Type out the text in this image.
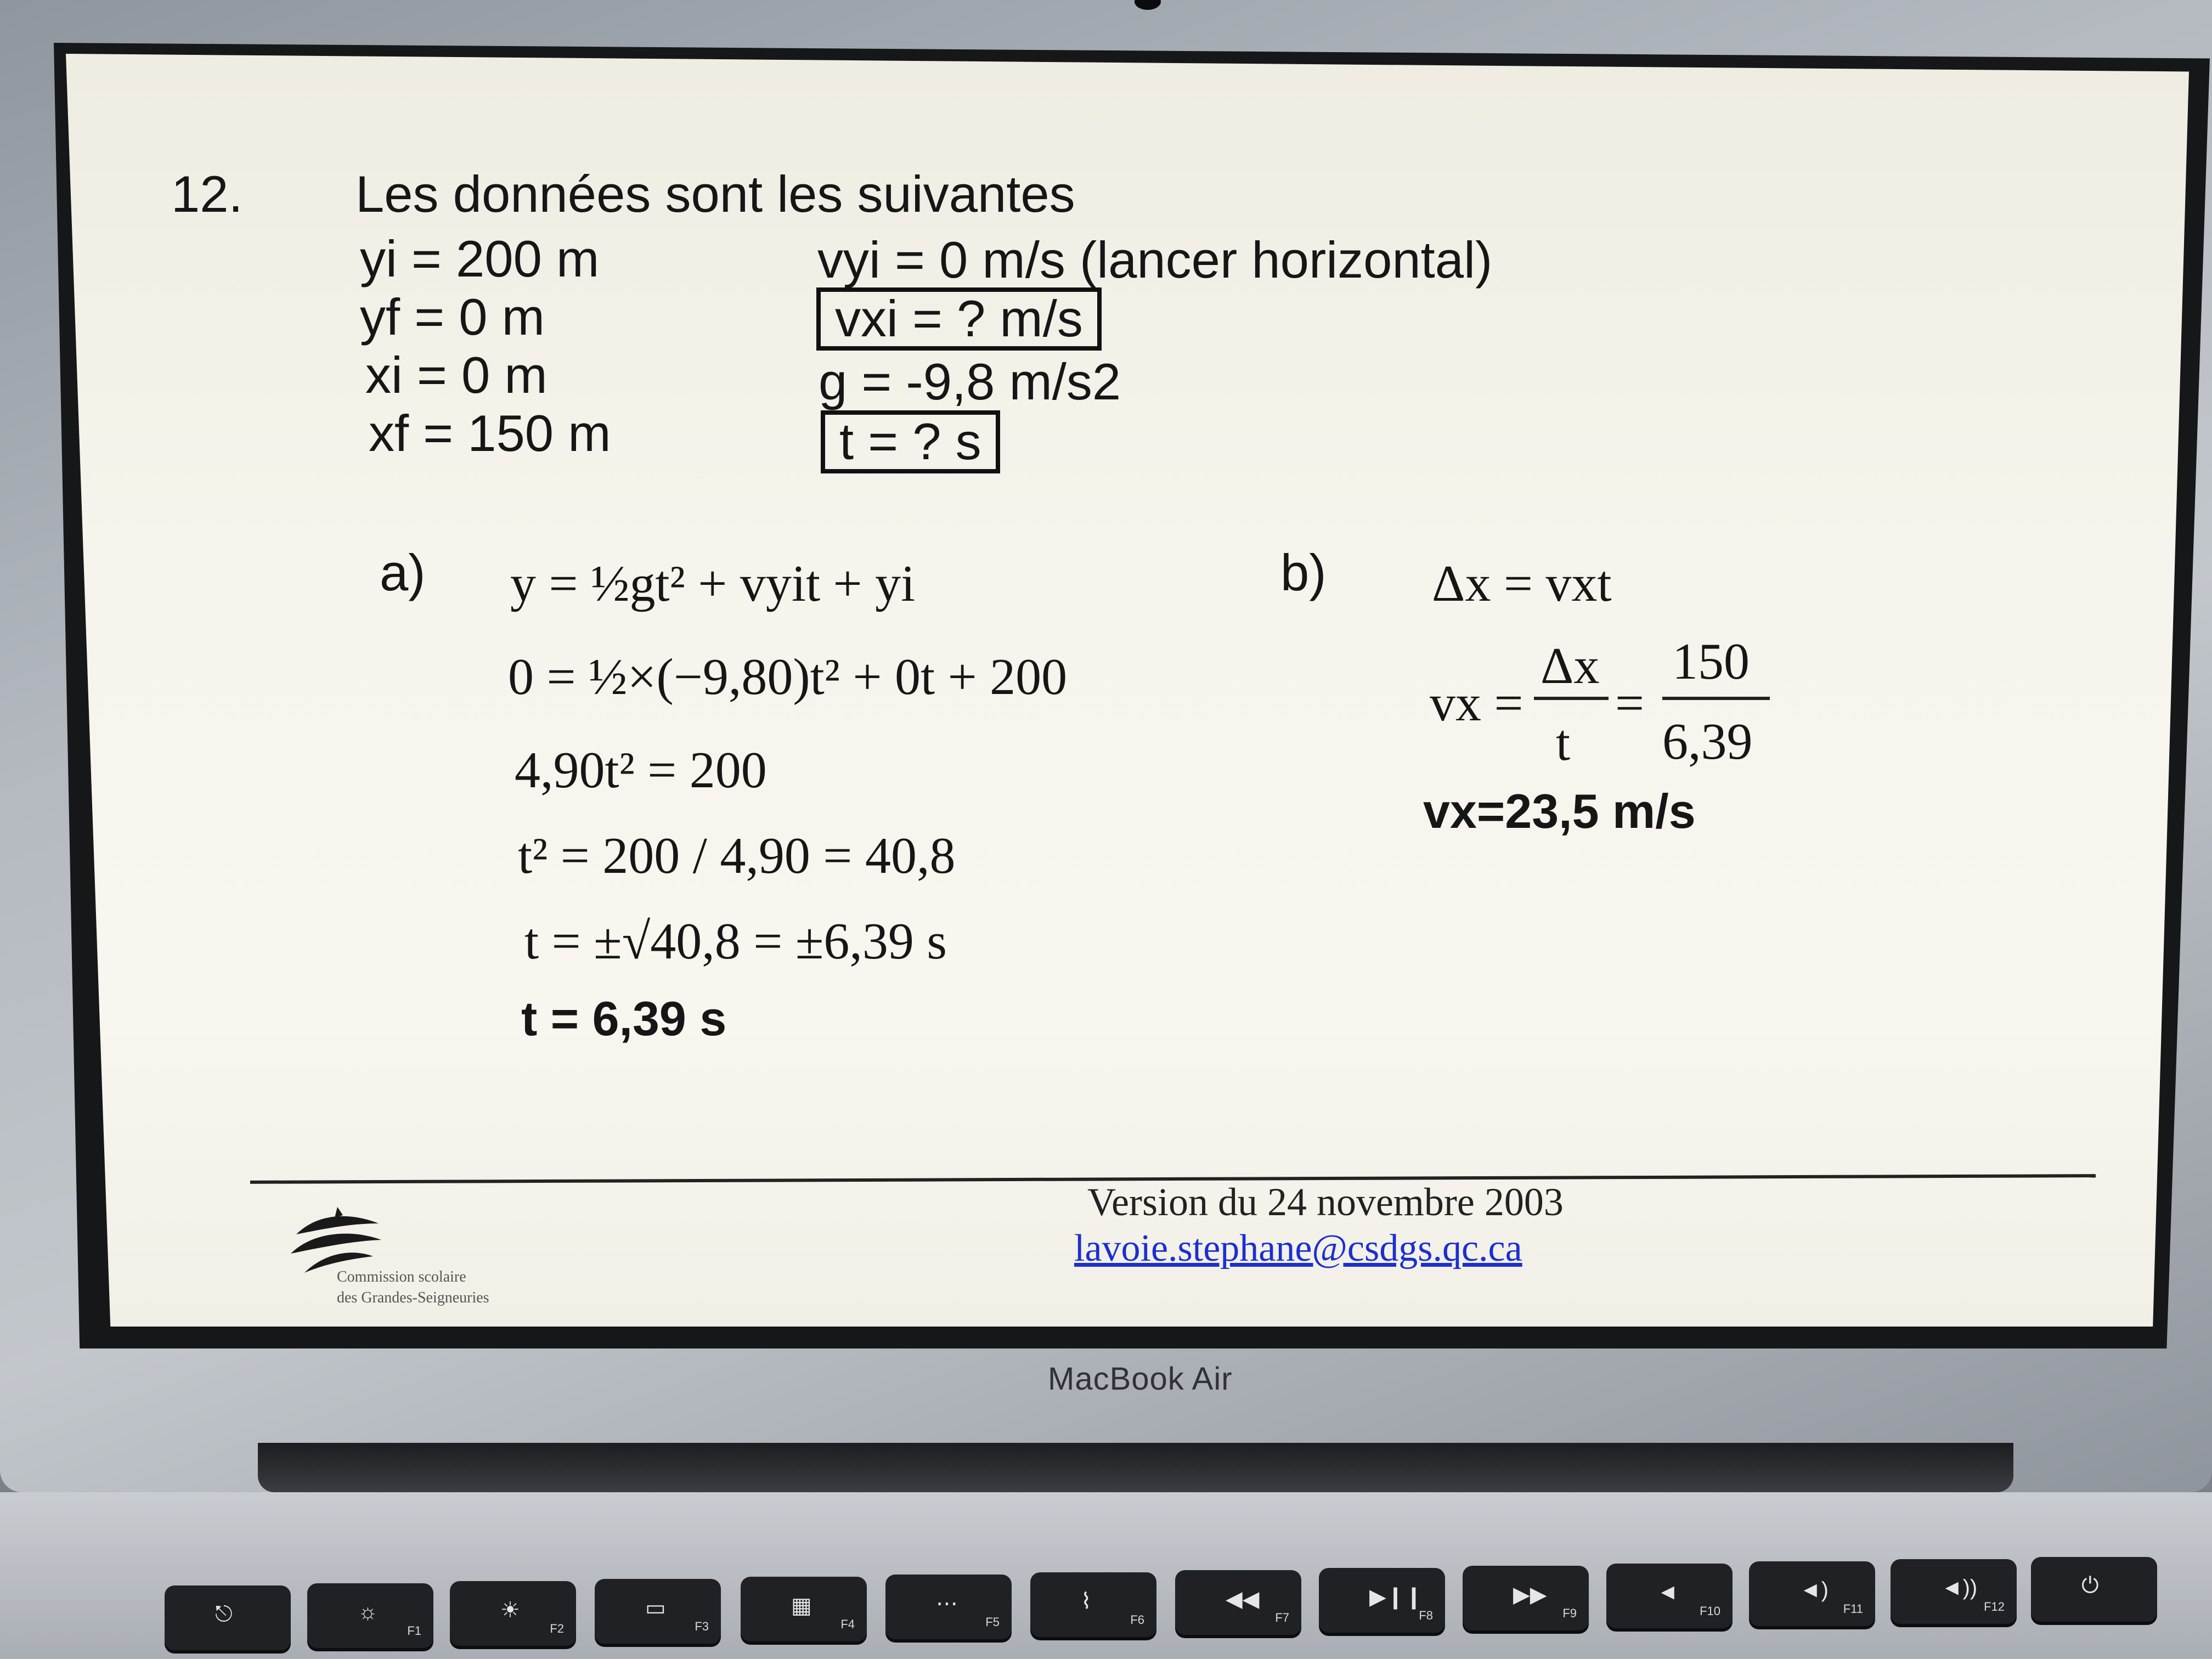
12. Les données sont les suivantes
yi = 200 m
yf = 0 m
xi = 0 m
xf = 150 m
vyi = 0 m/s (lancer horizontal)
vxi = ? m/s
g = -9,8 m/s2
t = ? s
a) y = ½gt² + vyit + yi
0 = ½×(−9,80)t² + 0t + 200
4,90t² = 200
t² = 200 / 4,90 = 40,8
t = ±√40,8 = ±6,39 s
t = 6,39 s
b) Δx = vxt
vx =
Δx
t
=
150
6,39
vx=23,5 m/s
Commission scolaire
des Grandes-Seigneuries
Version du 24 novembre 2003
lavoie.stephane@csdgs.qc.ca
MacBook Air
⎋	☼
F1
☀
F2
▭
F3
▦
F4
⋯
F5
⌇
F6
◀◀
F7
▶❙❙
F8
▶▶
F9
◄
F10
◄)
F11
◄))
F12
⏻
